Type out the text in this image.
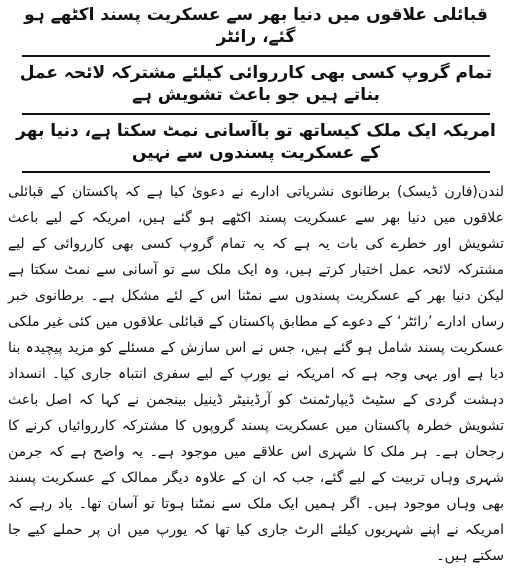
قبائلی علاقوں میں دنیا بھر سے عسکریت پسند اکٹھے ہو گئے، رائٹر
تمام گروپ کسی بھی کارروائی کیلئے مشترکہ لائحہ عمل بناتے ہیں جو باعث تشویش ہے
امریکہ ایک ملک کیساتھ تو باآسانی نمٹ سکتا ہے، دنیا بھر کے عسکریت پسندوں سے نہیں

لندن(فارن ڈیسک) برطانوی نشریاتی ادارے نے دعویٰ کیا ہے کہ پاکستان کے قبائلی علاقوں میں دنیا بھر سے عسکریت پسند اکٹھے ہو گئے ہیں، امریکہ کے لیے باعث تشویش اور خطرے کی بات یہ ہے کہ یہ تمام گروپ کسی بھی کارروائی کے لیے مشترکہ لائحہ عمل اختیار کرتے ہیں، وہ ایک ملک سے تو آسانی سے نمٹ سکتا ہے لیکن دنیا بھر کے عسکریت پسندوں سے نمٹنا اس کے لئے مشکل ہے۔ برطانوی خبر رساں ادارے ’رائٹر‘ کے دعوے کے مطابق پاکستان کے قبائلی علاقوں میں کئی غیر ملکی عسکریت پسند شامل ہو گئے ہیں، جس نے اس سازش کے مسئلے کو مزید پیچیدہ بنا دیا ہے اور یہی وجہ ہے کہ امریکہ نے یورپ کے لیے سفری انتباہ جاری کیا۔ انسداد دہشت گردی کے سٹیٹ ڈیپارٹمنٹ کو آرڈینیٹر ڈینیل بینجمن نے کہا کہ اصل باعث تشویش خطرہ پاکستان میں عسکریت پسند گروپوں کا مشترکہ کارروائیاں کرنے کا رجحان ہے۔ ہر ملک کا شہری اس علاقے میں موجود ہے۔ یہ واضح ہے کہ جرمن شہری وہاں تربیت کے لیے گئے، جب کہ ان کے علاوہ دیگر ممالک کے عسکریت پسند بھی وہاں موجود ہیں۔ اگر ہمیں ایک ملک سے نمٹنا ہوتا تو آسان تھا۔ یاد رہے کہ امریکہ نے اپنے شہریوں کیلئے الرٹ جاری کیا تھا کہ یورپ میں ان پر حملے کیے جا سکتے ہیں۔
